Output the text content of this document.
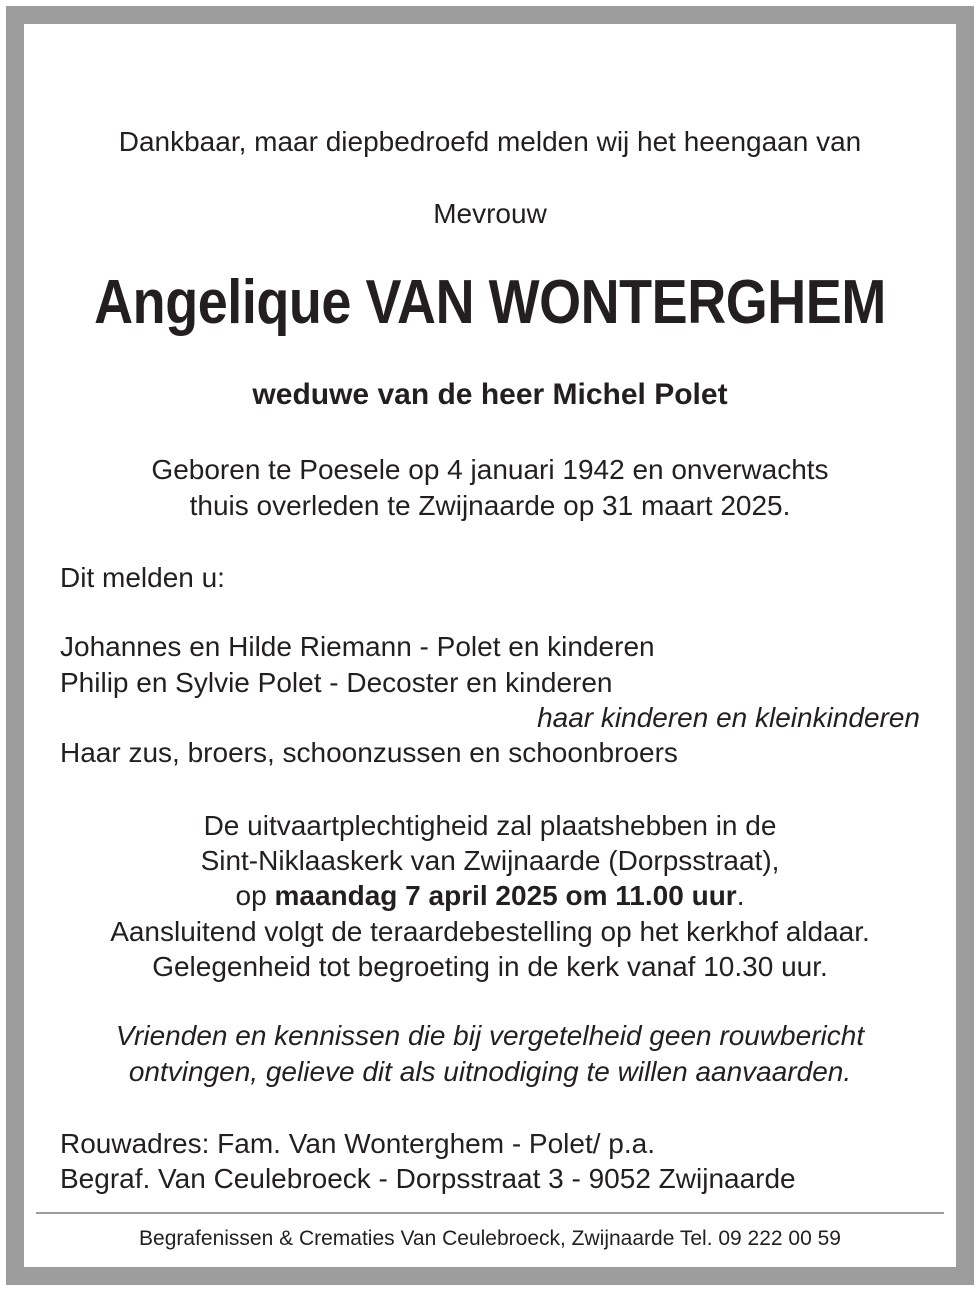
Dankbaar, maar diepbedroefd melden wij het heengaan van
Mevrouw
Angelique VAN WONTERGHEM
weduwe van de heer Michel Polet
Geboren te Poesele op 4 januari 1942 en onverwachts
thuis overleden te Zwijnaarde op 31 maart 2025.
Dit melden u:
Johannes en Hilde Riemann - Polet en kinderen
Philip en Sylvie Polet - Decoster en kinderen
haar kinderen en kleinkinderen
Haar zus, broers, schoonzussen en schoonbroers
De uitvaartplechtigheid zal plaatshebben in de
Sint-Niklaaskerk van Zwijnaarde (Dorpsstraat),
op maandag 7 april 2025 om 11.00 uur.
Aansluitend volgt de teraardebestelling op het kerkhof aldaar.
Gelegenheid tot begroeting in de kerk vanaf 10.30 uur.
Vrienden en kennissen die bij vergetelheid geen rouwbericht
ontvingen, gelieve dit als uitnodiging te willen aanvaarden.
Rouwadres: Fam. Van Wonterghem - Polet/ p.a.
Begraf. Van Ceulebroeck - Dorpsstraat 3 - 9052 Zwijnaarde
Begrafenissen & Crematies Van Ceulebroeck, Zwijnaarde Tel. 09 222 00 59
